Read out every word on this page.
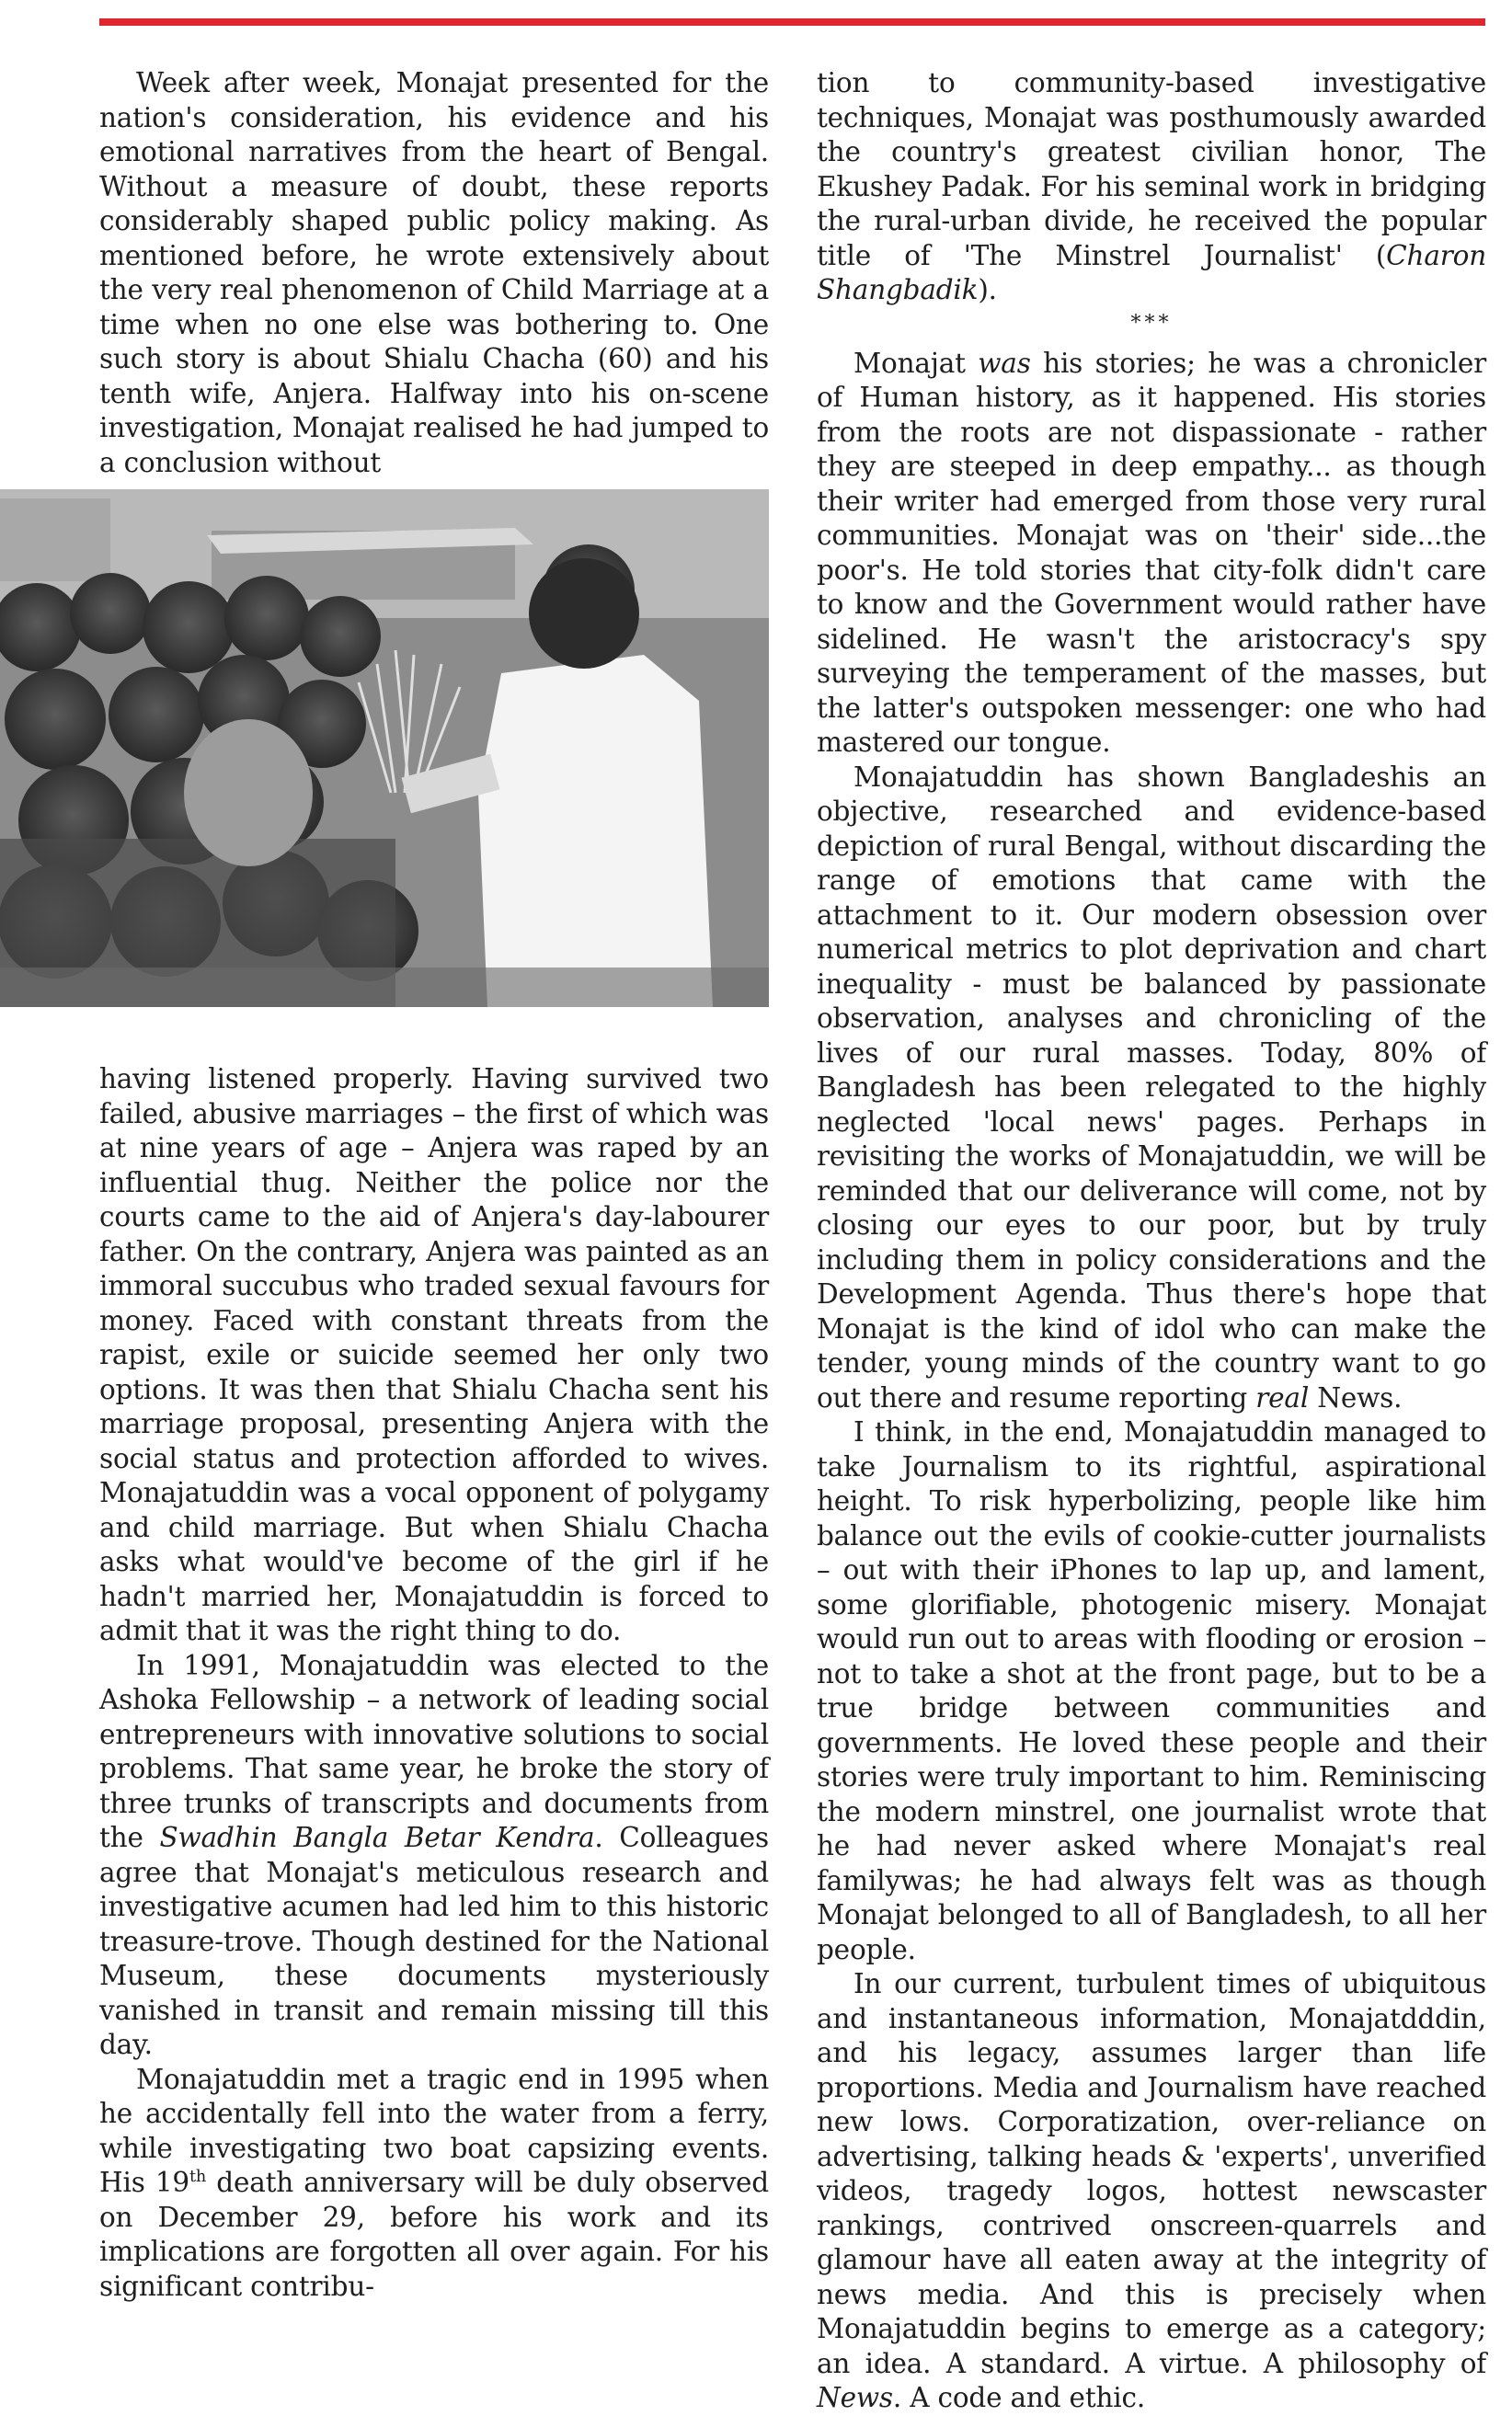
Week after week, Monajat presented for the nation's consideration, his evidence and his emotional narratives from the heart of Bengal. Without a measure of doubt, these reports considerably shaped public policy making. As mentioned before, he wrote extensively about the very real phenomenon of Child Marriage at a time when no one else was bothering to. One such story is about Shialu Chacha (60) and his tenth wife, Anjera. Halfway into his on-scene investigation, Monajat realised he had jumped to a conclusion without

having listened properly. Having survived two failed, abusive marriages – the first of which was at nine years of age – Anjera was raped by an influential thug. Neither the police nor the courts came to the aid of Anjera's day-labourer father. On the contrary, Anjera was painted as an immoral succubus who traded sexual favours for money. Faced with constant threats from the rapist, exile or suicide seemed her only two options. It was then that Shialu Chacha sent his marriage proposal, presenting Anjera with the social status and protection afforded to wives. Monajatuddin was a vocal opponent of polygamy and child marriage. But when Shialu Chacha asks what would've become of the girl if he hadn't married her, Monajatuddin is forced to admit that it was the right thing to do.

In 1991, Monajatuddin was elected to the Ashoka Fellowship – a network of leading social entrepreneurs with innovative solutions to social problems. That same year, he broke the story of three trunks of transcripts and documents from the Swadhin Bangla Betar Kendra. Colleagues agree that Monajat's meticulous research and investigative acumen had led him to this historic treasure-trove. Though destined for the National Museum, these documents mysteriously vanished in transit and remain missing till this day.

Monajatuddin met a tragic end in 1995 when he accidentally fell into the water from a ferry, while investigating two boat capsizing events. His 19th death anniversary will be duly observed on December 29, before his work and its implications are forgotten all over again. For his significant contribu-

tion to community-based investigative techniques, Monajat was posthumously awarded the country's greatest civilian honor, The Ekushey Padak. For his seminal work in bridging the rural-urban divide, he received the popular title of 'The Minstrel Journalist' (Charon Shangbadik).

***

Monajat was his stories; he was a chronicler of Human history, as it happened. His stories from the roots are not dispassionate - rather they are steeped in deep empathy... as though their writer had emerged from those very rural communities. Monajat was on 'their' side...the poor's. He told stories that city-folk didn't care to know and the Government would rather have sidelined. He wasn't the aristocracy's spy surveying the temperament of the masses, but the latter's outspoken messenger: one who had mastered our tongue.

Monajatuddin has shown Bangladeshis an objective, researched and evidence-based depiction of rural Bengal, without discarding the range of emotions that came with the attachment to it. Our modern obsession over numerical metrics to plot deprivation and chart inequality - must be balanced by passionate observation, analyses and chronicling of the lives of our rural masses. Today, 80% of Bangladesh has been relegated to the highly neglected 'local news' pages. Perhaps in revisiting the works of Monajatuddin, we will be reminded that our deliverance will come, not by closing our eyes to our poor, but by truly including them in policy considerations and the Development Agenda. Thus there's hope that Monajat is the kind of idol who can make the tender, young minds of the country want to go out there and resume reporting real News.

I think, in the end, Monajatuddin managed to take Journalism to its rightful, aspirational height. To risk hyperbolizing, people like him balance out the evils of cookie-cutter journalists – out with their iPhones to lap up, and lament, some glorifiable, photogenic misery. Monajat would run out to areas with flooding or erosion – not to take a shot at the front page, but to be a true bridge between communities and governments. He loved these people and their stories were truly important to him. Reminiscing the modern minstrel, one journalist wrote that he had never asked where Monajat's real familywas; he had always felt was as though Monajat belonged to all of Bangladesh, to all her people.

In our current, turbulent times of ubiquitous and instantaneous information, Monajatdddin, and his legacy, assumes larger than life proportions. Media and Journalism have reached new lows. Corporatization, over-reliance on advertising, talking heads & 'experts', unverified videos, tragedy logos, hottest newscaster rankings, contrived onscreen-quarrels and glamour have all eaten away at the integrity of news media. And this is precisely when Monajatuddin begins to emerge as a category; an idea. A standard. A virtue. A philosophy of News. A code and ethic.
